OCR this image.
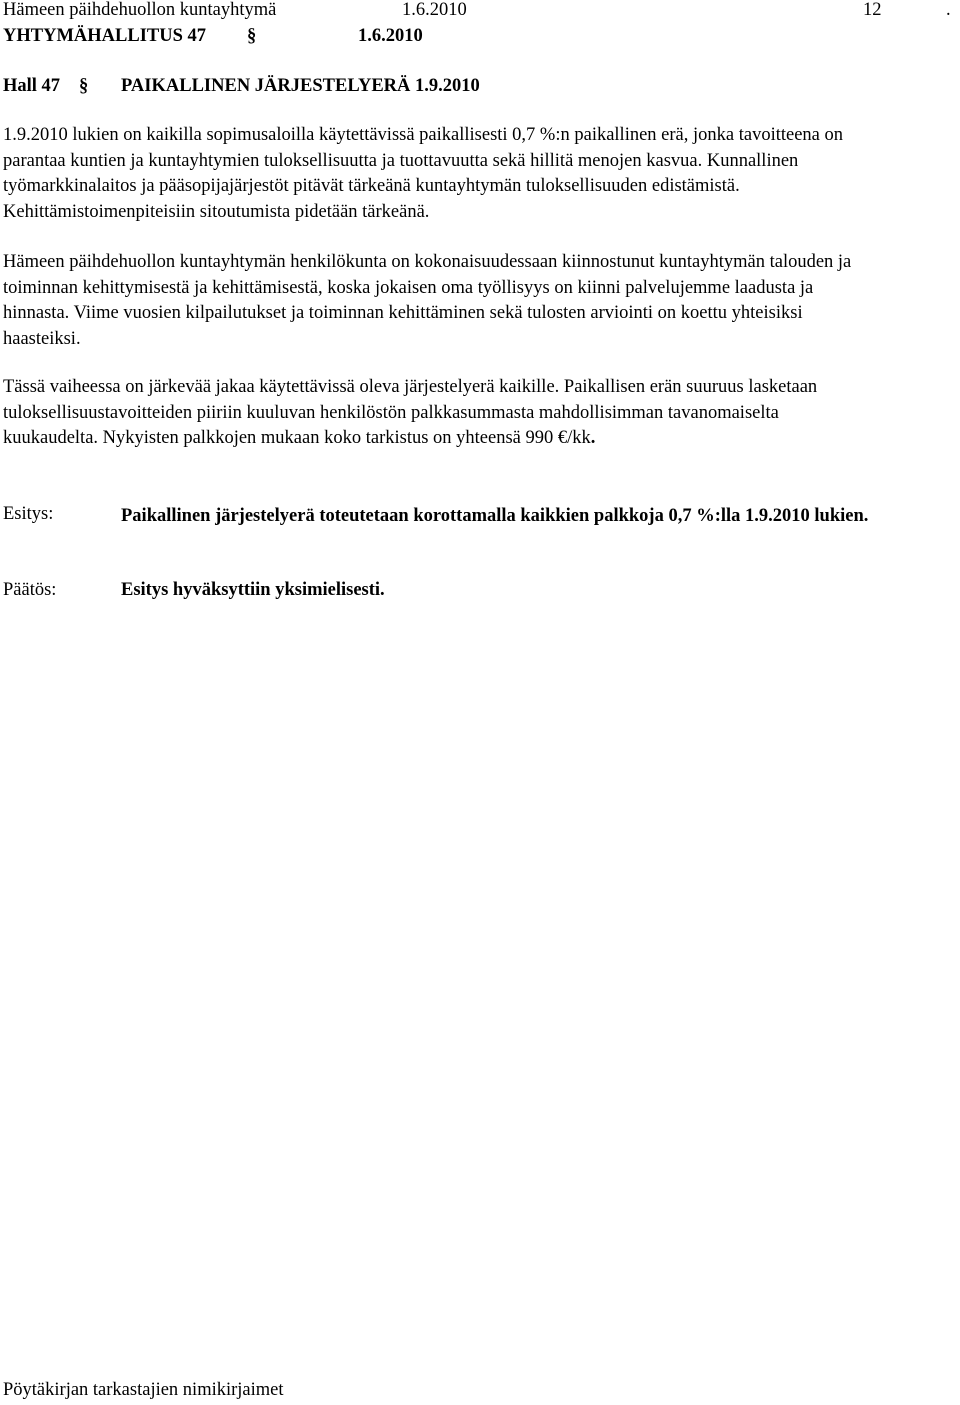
Hämeen päihdehuollon kuntayhtymä	1.6.2010	12	.
YHTYMÄHALLITUS 47 §	1.6.2010
Hall 47 § PAIKALLINEN JÄRJESTELYERÄ 1.9.2010
1.9.2010 lukien on kaikilla sopimusaloilla käytettävissä paikallisesti 0,7 %:n paikallinen erä, jonka tavoitteena on parantaa kuntien ja kuntayhtymien tuloksellisuutta ja tuottavuutta sekä hillitä menojen kasvua. Kunnallinen työmarkkinalaitos ja pääsopijajärjestöt pitävät tärkeänä kuntayhtymän tuloksellisuuden edistämistä. Kehittämistoimenpiteisiin sitoutumista pidetään tärkeänä.
Hämeen päihdehuollon kuntayhtymän henkilökunta on kokonaisuudessaan kiinnostunut kuntayhtymän talouden ja toiminnan kehittymisestä ja kehittämisestä, koska jokaisen oma työllisyys on kiinni palvelujemme laadusta ja hinnasta. Viime vuosien kilpailutukset ja toiminnan kehittäminen sekä tulosten arviointi on koettu yhteisiksi haasteiksi.
Tässä vaiheessa on järkevää jakaa käytettävissä oleva järjestelyerä kaikille. Paikallisen erän suuruus lasketaan tuloksellisuustavoitteiden piiriin kuuluvan henkilöstön palkkasummasta mahdollisimman tavanomaiselta kuukaudelta. Nykyisten palkkojen mukaan koko tarkistus on yhteensä 990 €/kk.
Esitys:	Paikallinen järjestelyerä toteutetaan korottamalla kaikkien palkkoja 0,7 %:lla 1.9.2010 lukien.
Päätös:	Esitys hyväksyttiin yksimielisesti.
Pöytäkirjan tarkastajien nimikirjaimet
